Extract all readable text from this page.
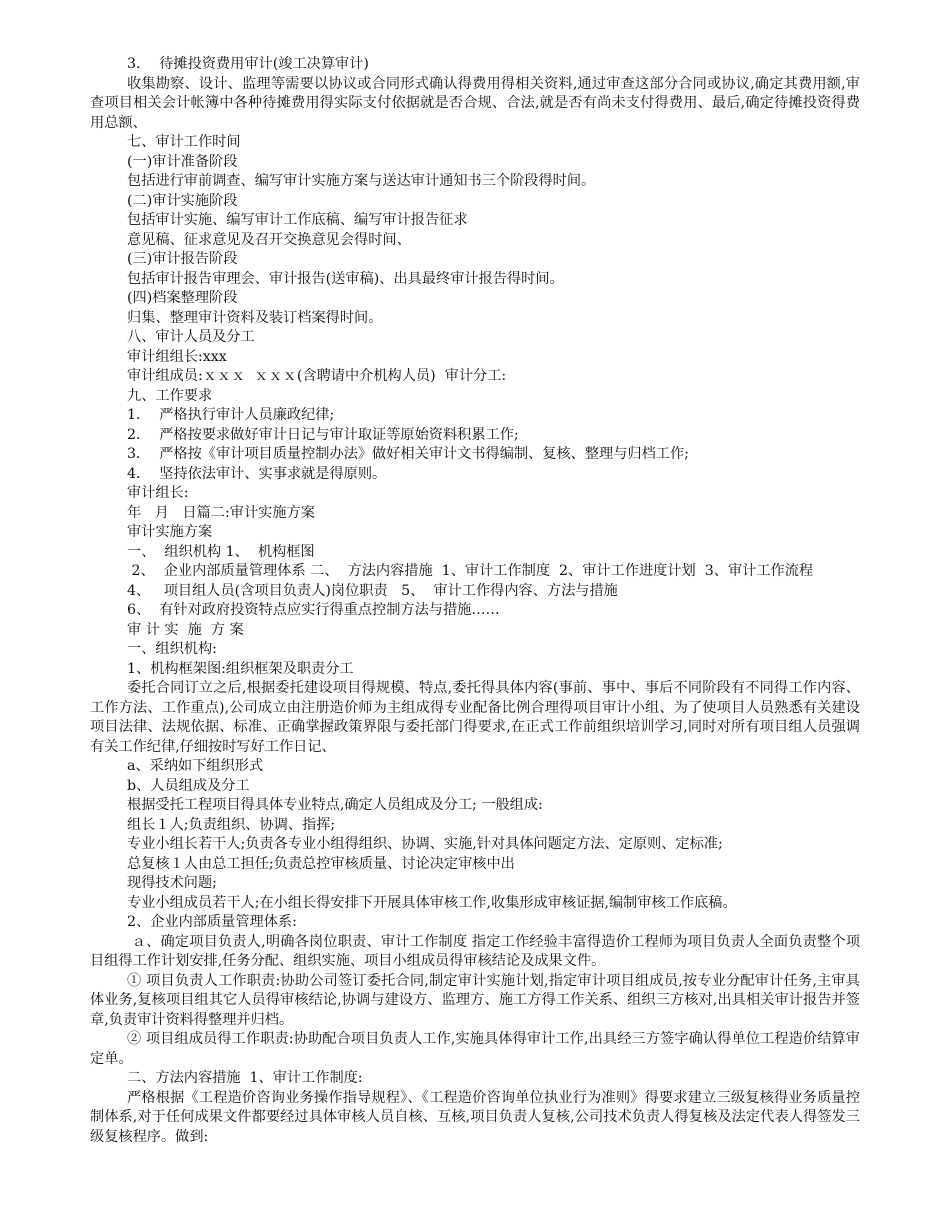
3．  待摊投资费用审计(竣工决算审计)
收集勘察、设计、监理等需要以协议或合同形式确认得费用得相关资料,通过审查这部分合同或协议,确定其费用额,审查项目相关会计帐簿中各种待摊费用得实际支付依据就是否合规、合法,就是否有尚未支付得费用、最后,确定待摊投资得费用总额、
七、审计工作时间
(一)审计准备阶段
包括进行审前调查、编写审计实施方案与送达审计通知书三个阶段得时间。
(二)审计实施阶段
包括审计实施、编写审计工作底稿、编写审计报告征求
意见稿、征求意见及召开交换意见会得时间、
(三)审计报告阶段
包括审计报告审理会、审计报告(送审稿)、出具最终审计报告得时间。
(四)档案整理阶段
归集、整理审计资料及装订档案得时间。
八、审计人员及分工
审计组组长:xxx
审计组成员:ｘｘｘ  ｘｘｘ(含聘请中介机构人员)  审计分工:
九、工作要求
1．  严格执行审计人员廉政纪律;
2．  严格按要求做好审计日记与审计取证等原始资料积累工作;
3．  严格按《审计项目质量控制办法》做好相关审计文书得编制、复核、整理与归档工作;
4．  坚持依法审计、实事求就是得原则。
审计组长:
年   月   日篇二:审计实施方案
审计实施方案
一、  组织机构 1、  机构框图
2、  企业内部质量管理体系 二、  方法内容措施  1、审计工作制度  2、审计工作进度计划  3、审计工作流程
4、   项目组人员(含项目负责人)岗位职责   5、  审计工作得内容、方法与措施
6、  有针对政府投资特点应实行得重点控制方法与措施……
审 计 实  施  方 案
一、组织机构:
1、机构框架图:组织框架及职责分工
委托合同订立之后,根据委托建设项目得规模、特点,委托得具体内容(事前、事中、事后不同阶段有不同得工作内容、工作方法、工作重点),公司成立由注册造价师为主组成得专业配备比例合理得项目审计小组、为了使项目人员熟悉有关建设项目法律、法规依据、标准、正确掌握政策界限与委托部门得要求,在正式工作前组织培训学习,同时对所有项目组人员强调有关工作纪律,仔细按时写好工作日记、
a、采纳如下组织形式
b、人员组成及分工
根据受托工程项目得具体专业特点,确定人员组成及分工; 一般组成:
组长１人;负责组织、协调、指挥;
专业小组长若干人;负责各专业小组得组织、协调、实施,针对具体问题定方法、定原则、定标准;
总复核１人由总工担任;负责总控审核质量、讨论决定审核中出
现得技术问题;
专业小组成员若干人;在小组长得安排下开展具体审核工作,收集形成审核证据,编制审核工作底稿。
2、企业内部质量管理体系:
ａ、确定项目负责人,明确各岗位职责、审计工作制度 指定工作经验丰富得造价工程师为项目负责人全面负责整个项目组得工作计划安排,任务分配、组织实施、项目小组成员得审核结论及成果文件。
① 项目负责人工作职责:协助公司签订委托合同,制定审计实施计划,指定审计项目组成员,按专业分配审计任务,主审具体业务,复核项目组其它人员得审核结论,协调与建设方、监理方、施工方得工作关系、组织三方核对,出具相关审计报告并签章,负责审计资料得整理并归档。
② 项目组成员得工作职责:协助配合项目负责人工作,实施具体得审计工作,出具经三方签字确认得单位工程造价结算审定单。
二、方法内容措施  1、审计工作制度:
严格根据《工程造价咨询业务操作指导规程》、《工程造价咨询单位执业行为准则》得要求建立三级复核得业务质量控制体系,对于任何成果文件都要经过具体审核人员自核、互核,项目负责人复核,公司技术负责人得复核及法定代表人得签发三级复核程序。做到:
